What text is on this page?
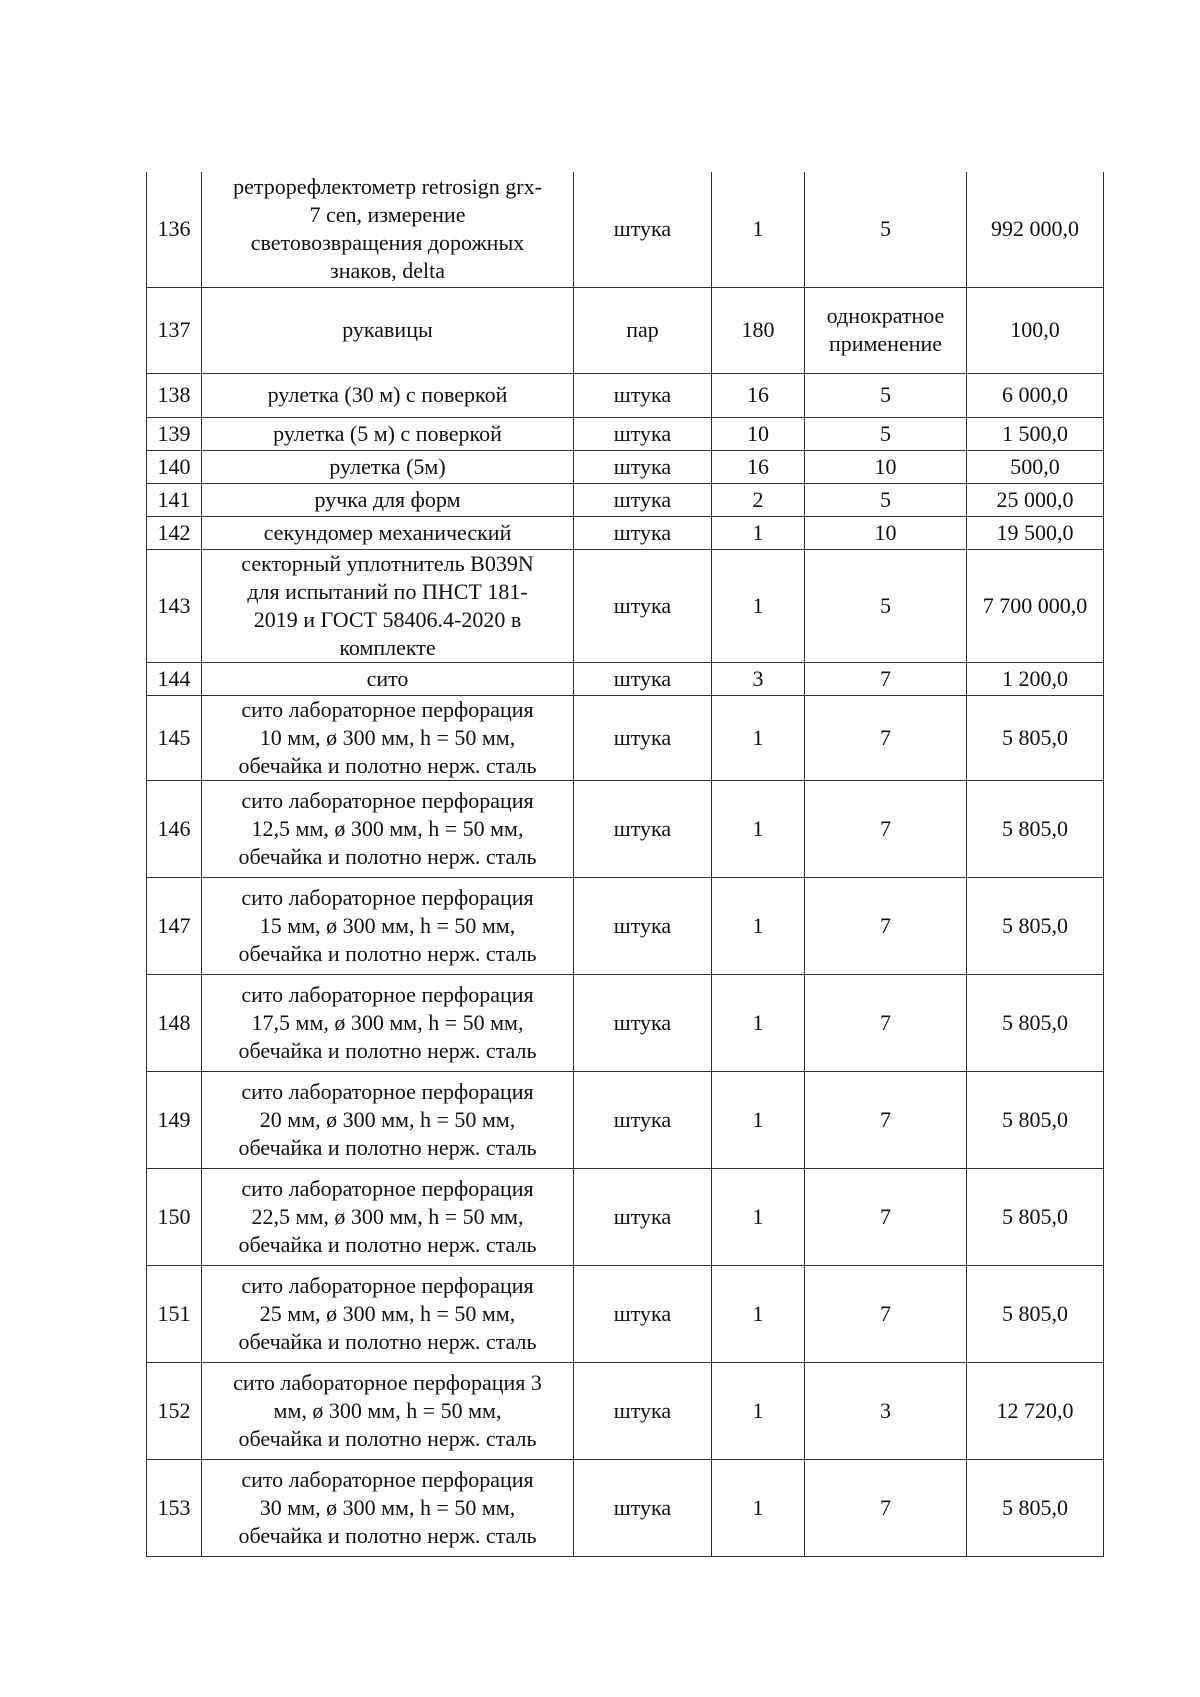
136	ретрорефлектометр retrosign grx-
7 cen, измерение
световозвращения дорожных
знаков, delta	штука	1	5	992 000,0
137	рукавицы	пар	180	однократное
применение	100,0
138	рулетка (30 м) с поверкой	штука	16	5	6 000,0
139	рулетка (5 м) с поверкой	штука	10	5	1 500,0
140	рулетка (5м)	штука	16	10	500,0
141	ручка для форм	штука	2	5	25 000,0
142	секундомер механический	штука	1	10	19 500,0
143	секторный уплотнитель B039N
для испытаний по ПНСТ 181-
2019 и ГОСТ 58406.4-2020 в
комплекте	штука	1	5	7 700 000,0
144	сито	штука	3	7	1 200,0
145	сито лабораторное перфорация
10 мм, ø 300 мм, h = 50 мм,
обечайка и полотно нерж. сталь	штука	1	7	5 805,0
146	сито лабораторное перфорация
12,5 мм, ø 300 мм, h = 50 мм,
обечайка и полотно нерж. сталь	штука	1	7	5 805,0
147	сито лабораторное перфорация
15 мм, ø 300 мм, h = 50 мм,
обечайка и полотно нерж. сталь	штука	1	7	5 805,0
148	сито лабораторное перфорация
17,5 мм, ø 300 мм, h = 50 мм,
обечайка и полотно нерж. сталь	штука	1	7	5 805,0
149	сито лабораторное перфорация
20 мм, ø 300 мм, h = 50 мм,
обечайка и полотно нерж. сталь	штука	1	7	5 805,0
150	сито лабораторное перфорация
22,5 мм, ø 300 мм, h = 50 мм,
обечайка и полотно нерж. сталь	штука	1	7	5 805,0
151	сито лабораторное перфорация
25 мм, ø 300 мм, h = 50 мм,
обечайка и полотно нерж. сталь	штука	1	7	5 805,0
152	сито лабораторное перфорация 3
мм, ø 300 мм, h = 50 мм,
обечайка и полотно нерж. сталь	штука	1	3	12 720,0
153	сито лабораторное перфорация
30 мм, ø 300 мм, h = 50 мм,
обечайка и полотно нерж. сталь	штука	1	7	5 805,0
